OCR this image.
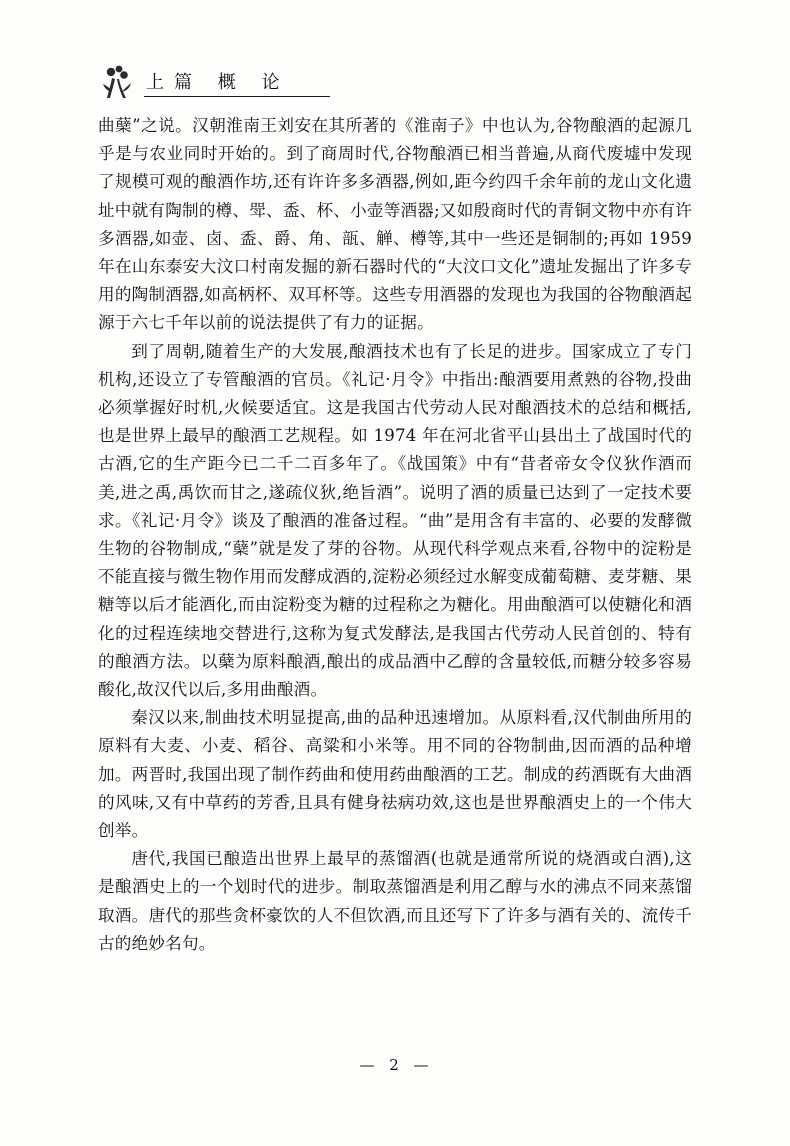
上篇 概 论

曲蘖”之说。汉朝淮南王刘安在其所著的《淮南子》中也认为,谷物酿酒的起源几乎是与农业同时开始的。到了商周时代,谷物酿酒已相当普遍,从商代废墟中发现了规模可观的酿酒作坊,还有许许多多酒器,例如,距今约四千余年前的龙山文化遗址中就有陶制的樽、斝、盉、杯、小壶等酒器;又如殷商时代的青铜文物中亦有许多酒器,如壶、卤、盉、爵、角、瓿、觯、樽等,其中一些还是铜制的;再如 1959 年在山东泰安大汶口村南发掘的新石器时代的“大汶口文化”遗址发掘出了许多专用的陶制酒器,如高柄杯、双耳杯等。这些专用酒器的发现也为我国的谷物酿酒起源于六七千年以前的说法提供了有力的证据。

到了周朝,随着生产的大发展,酿酒技术也有了长足的进步。国家成立了专门机构,还设立了专管酿酒的官员。《礼记·月令》中指出:酿酒要用煮熟的谷物,投曲必须掌握好时机,火候要适宜。这是我国古代劳动人民对酿酒技术的总结和概括,也是世界上最早的酿酒工艺规程。如 1974 年在河北省平山县出土了战国时代的古酒,它的生产距今已二千二百多年了。《战国策》中有“昔者帝女令仪狄作酒而美,进之禹,禹饮而甘之,遂疏仪狄,绝旨酒”。说明了酒的质量已达到了一定技术要求。《礼记·月令》谈及了酿酒的准备过程。“曲”是用含有丰富的、必要的发酵微生物的谷物制成,“蘖”就是发了芽的谷物。从现代科学观点来看,谷物中的淀粉是不能直接与微生物作用而发酵成酒的,淀粉必须经过水解变成葡萄糖、麦芽糖、果糖等以后才能酒化,而由淀粉变为糖的过程称之为糖化。用曲酿酒可以使糖化和酒化的过程连续地交替进行,这称为复式发酵法,是我国古代劳动人民首创的、特有的酿酒方法。以蘖为原料酿酒,酿出的成品酒中乙醇的含量较低,而糖分较多容易酸化,故汉代以后,多用曲酿酒。

秦汉以来,制曲技术明显提高,曲的品种迅速增加。从原料看,汉代制曲所用的原料有大麦、小麦、稻谷、高粱和小米等。用不同的谷物制曲,因而酒的品种增加。两晋时,我国出现了制作药曲和使用药曲酿酒的工艺。制成的药酒既有大曲酒的风味,又有中草药的芳香,且具有健身祛病功效,这也是世界酿酒史上的一个伟大创举。

唐代,我国已酿造出世界上最早的蒸馏酒(也就是通常所说的烧酒或白酒),这是酿酒史上的一个划时代的进步。制取蒸馏酒是利用乙醇与水的沸点不同来蒸馏取酒。唐代的那些贪杯豪饮的人不但饮酒,而且还写下了许多与酒有关的、流传千古的绝妙名句。

— 2 —
